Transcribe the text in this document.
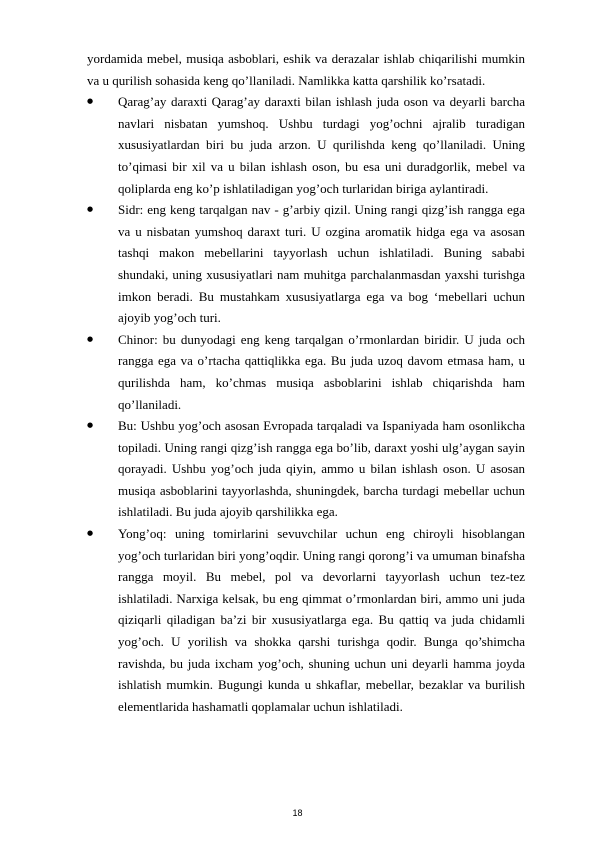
yordamida mebel, musiqa asboblari, eshik va derazalar ishlab chiqarilishi mumkin va u qurilish sohasida keng qo’llaniladi. Namlikka katta qarshilik ko’rsatadi.

●	Qarag’ay daraxti Qarag’ay daraxti bilan ishlash juda oson va deyarli barcha navlari nisbatan yumshoq. Ushbu turdagi yog’ochni ajralib turadigan xususiyatlardan biri bu juda arzon. U qurilishda keng qo’llaniladi. Uning to’qimasi bir xil va u bilan ishlash oson, bu esa uni duradgorlik, mebel va qoliplarda eng ko’p ishlatiladigan yog’och turlaridan biriga aylantiradi.
●	Sidr: eng keng tarqalgan nav - g’arbiy qizil. Uning rangi qizg’ish rangga ega va u nisbatan yumshoq daraxt turi. U ozgina aromatik hidga ega va asosan tashqi makon mebellarini tayyorlash uchun ishlatiladi. Buning sababi shundaki, uning xususiyatlari nam muhitga parchalanmasdan yaxshi turishga imkon beradi. Bu mustahkam xususiyatlarga ega va bog ‘mebellari uchun ajoyib yog’och turi.
●	Chinor: bu dunyodagi eng keng tarqalgan o’rmonlardan biridir. U juda och rangga ega va o’rtacha qattiqlikka ega. Bu juda uzoq davom etmasa ham, u qurilishda ham, ko’chmas musiqa asboblarini ishlab chiqarishda ham qo’llaniladi.
●	Bu: Ushbu yog’och asosan Evropada tarqaladi va Ispaniyada ham osonlikcha topiladi. Uning rangi qizg’ish rangga ega bo’lib, daraxt yoshi ulg’aygan sayin qorayadi. Ushbu yog’och juda qiyin, ammo u bilan ishlash oson. U asosan musiqa asboblarini tayyorlashda, shuningdek, barcha turdagi mebellar uchun ishlatiladi. Bu juda ajoyib qarshilikka ega.
●	Yong’oq: uning tomirlarini sevuvchilar uchun eng chiroyli hisoblangan yog’och turlaridan biri yong’oqdir. Uning rangi qorong’i va umuman binafsha rangga moyil. Bu mebel, pol va devorlarni tayyorlash uchun tez-tez ishlatiladi. Narxiga kelsak, bu eng qimmat o’rmonlardan biri, ammo uni juda qiziqarli qiladigan ba’zi bir xususiyatlarga ega. Bu qattiq va juda chidamli yog’och. U yorilish va shokka qarshi turishga qodir. Bunga qo’shimcha ravishda, bu juda ixcham yog’och, shuning uchun uni deyarli hamma joyda ishlatish mumkin. Bugungi kunda u shkaflar, mebellar, bezaklar va burilish elementlarida hashamatli qoplamalar uchun ishlatiladi.
18
